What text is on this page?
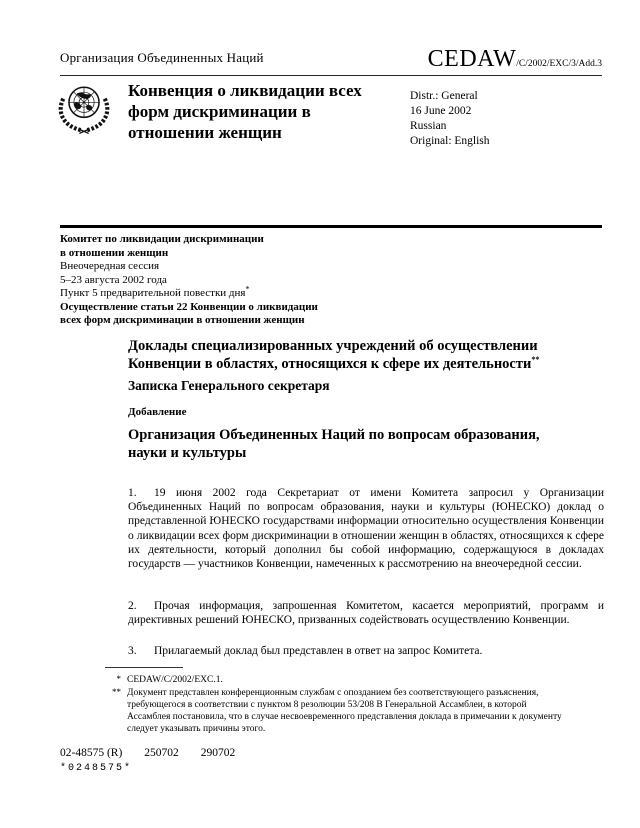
Организация Объединенных Наций	CEDAW/C/2002/EXC/3/Add.3
Конвенция о ликвидации всех
форм дискриминации в
отношении женщин
Distr.: General
16 June 2002
Russian
Original: English
Комитет по ликвидации дискриминации
в отношении женщин
Внеочередная сессия
5–23 августа 2002 года
Пункт 5 предварительной повестки дня*
Осуществление статьи 22 Конвенции о ликвидации
всех форм дискриминации в отношении женщин
Доклады специализированных учреждений об осуществлении
Конвенции в областях, относящихся к сфере их деятельности**
Записка Генерального секретаря
Добавление
Организация Объединенных Наций по вопросам образования,
науки и культуры
1. 19 июня 2002 года Секретариат от имени Комитета запросил у Организации Объединенных Наций по вопросам образования, науки и культуры (ЮНЕСКО) доклад о представленной ЮНЕСКО государствами информации относительно осуществления Конвенции о ликвидации всех форм дискриминации в отношении женщин в областях, относящихся к сфере их деятельности, который дополнил бы собой информацию, содержащуюся в докладах государств — участников Конвенции, намеченных к рассмотрению на внеочередной сессии.
2. Прочая информация, запрошенная Комитетом, касается мероприятий, программ и директивных решений ЮНЕСКО, призванных содействовать осуществлению Конвенции.
3. Прилагаемый доклад был представлен в ответ на запрос Комитета.
* CEDAW/C/2002/EXC.1.
** Документ представлен конференционным службам с опозданием без соответствующего разъяснения, требующегося в соответствии с пунктом 8 резолюции 53/208 B Генеральной Ассамблеи, в которой Ассамблея постановила, что в случае несвоевременного представления доклада в примечании к документу следует указывать причины этого.
02-48575 (R) 250702 290702
*0248575*
